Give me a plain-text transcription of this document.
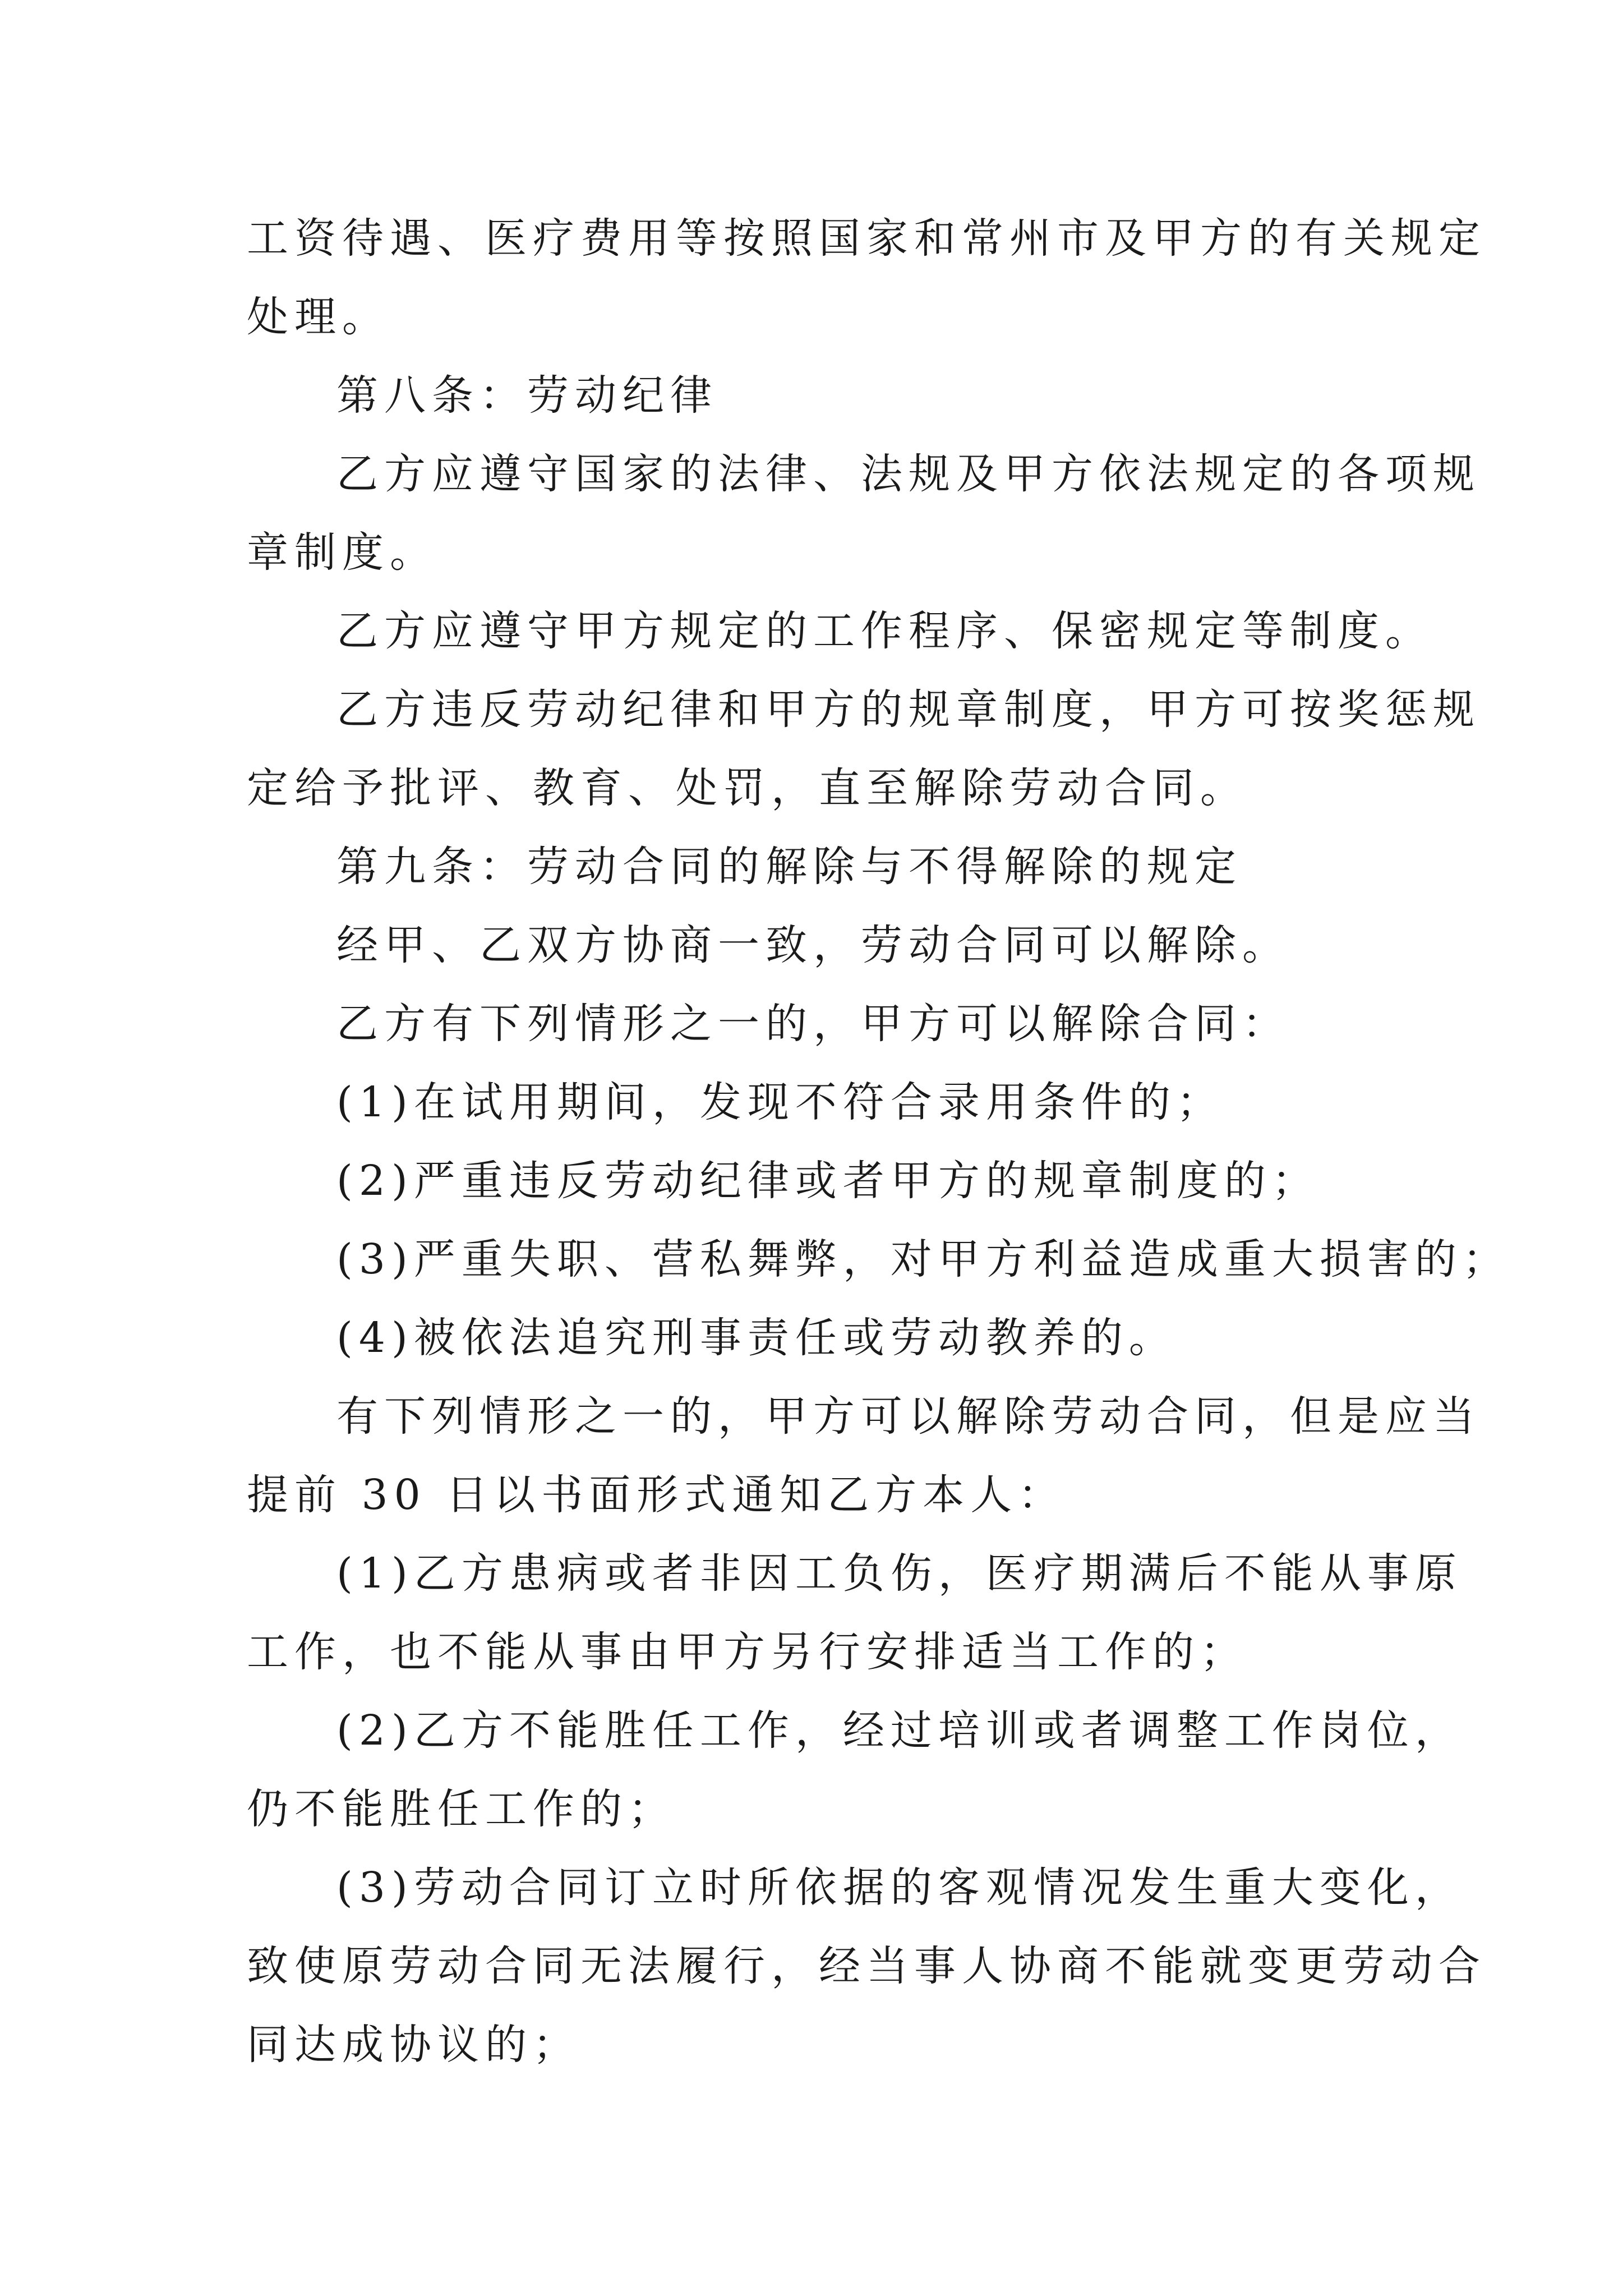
工资待遇、医疗费用等按照国家和常州市及甲方的有关规定
处理。
第八条：劳动纪律
乙方应遵守国家的法律、法规及甲方依法规定的各项规
章制度。
乙方应遵守甲方规定的工作程序、保密规定等制度。
乙方违反劳动纪律和甲方的规章制度，甲方可按奖惩规
定给予批评、教育、处罚，直至解除劳动合同。
第九条：劳动合同的解除与不得解除的规定
经甲、乙双方协商一致，劳动合同可以解除。
乙方有下列情形之一的，甲方可以解除合同：
(1)在试用期间，发现不符合录用条件的；
(2)严重违反劳动纪律或者甲方的规章制度的；
(3)严重失职、营私舞弊，对甲方利益造成重大损害的；
(4)被依法追究刑事责任或劳动教养的。
有下列情形之一的，甲方可以解除劳动合同，但是应当
提前 30 日以书面形式通知乙方本人：
(1)乙方患病或者非因工负伤，医疗期满后不能从事原
工作，也不能从事由甲方另行安排适当工作的；
(2)乙方不能胜任工作，经过培训或者调整工作岗位，
仍不能胜任工作的；
(3)劳动合同订立时所依据的客观情况发生重大变化，
致使原劳动合同无法履行，经当事人协商不能就变更劳动合
同达成协议的；
